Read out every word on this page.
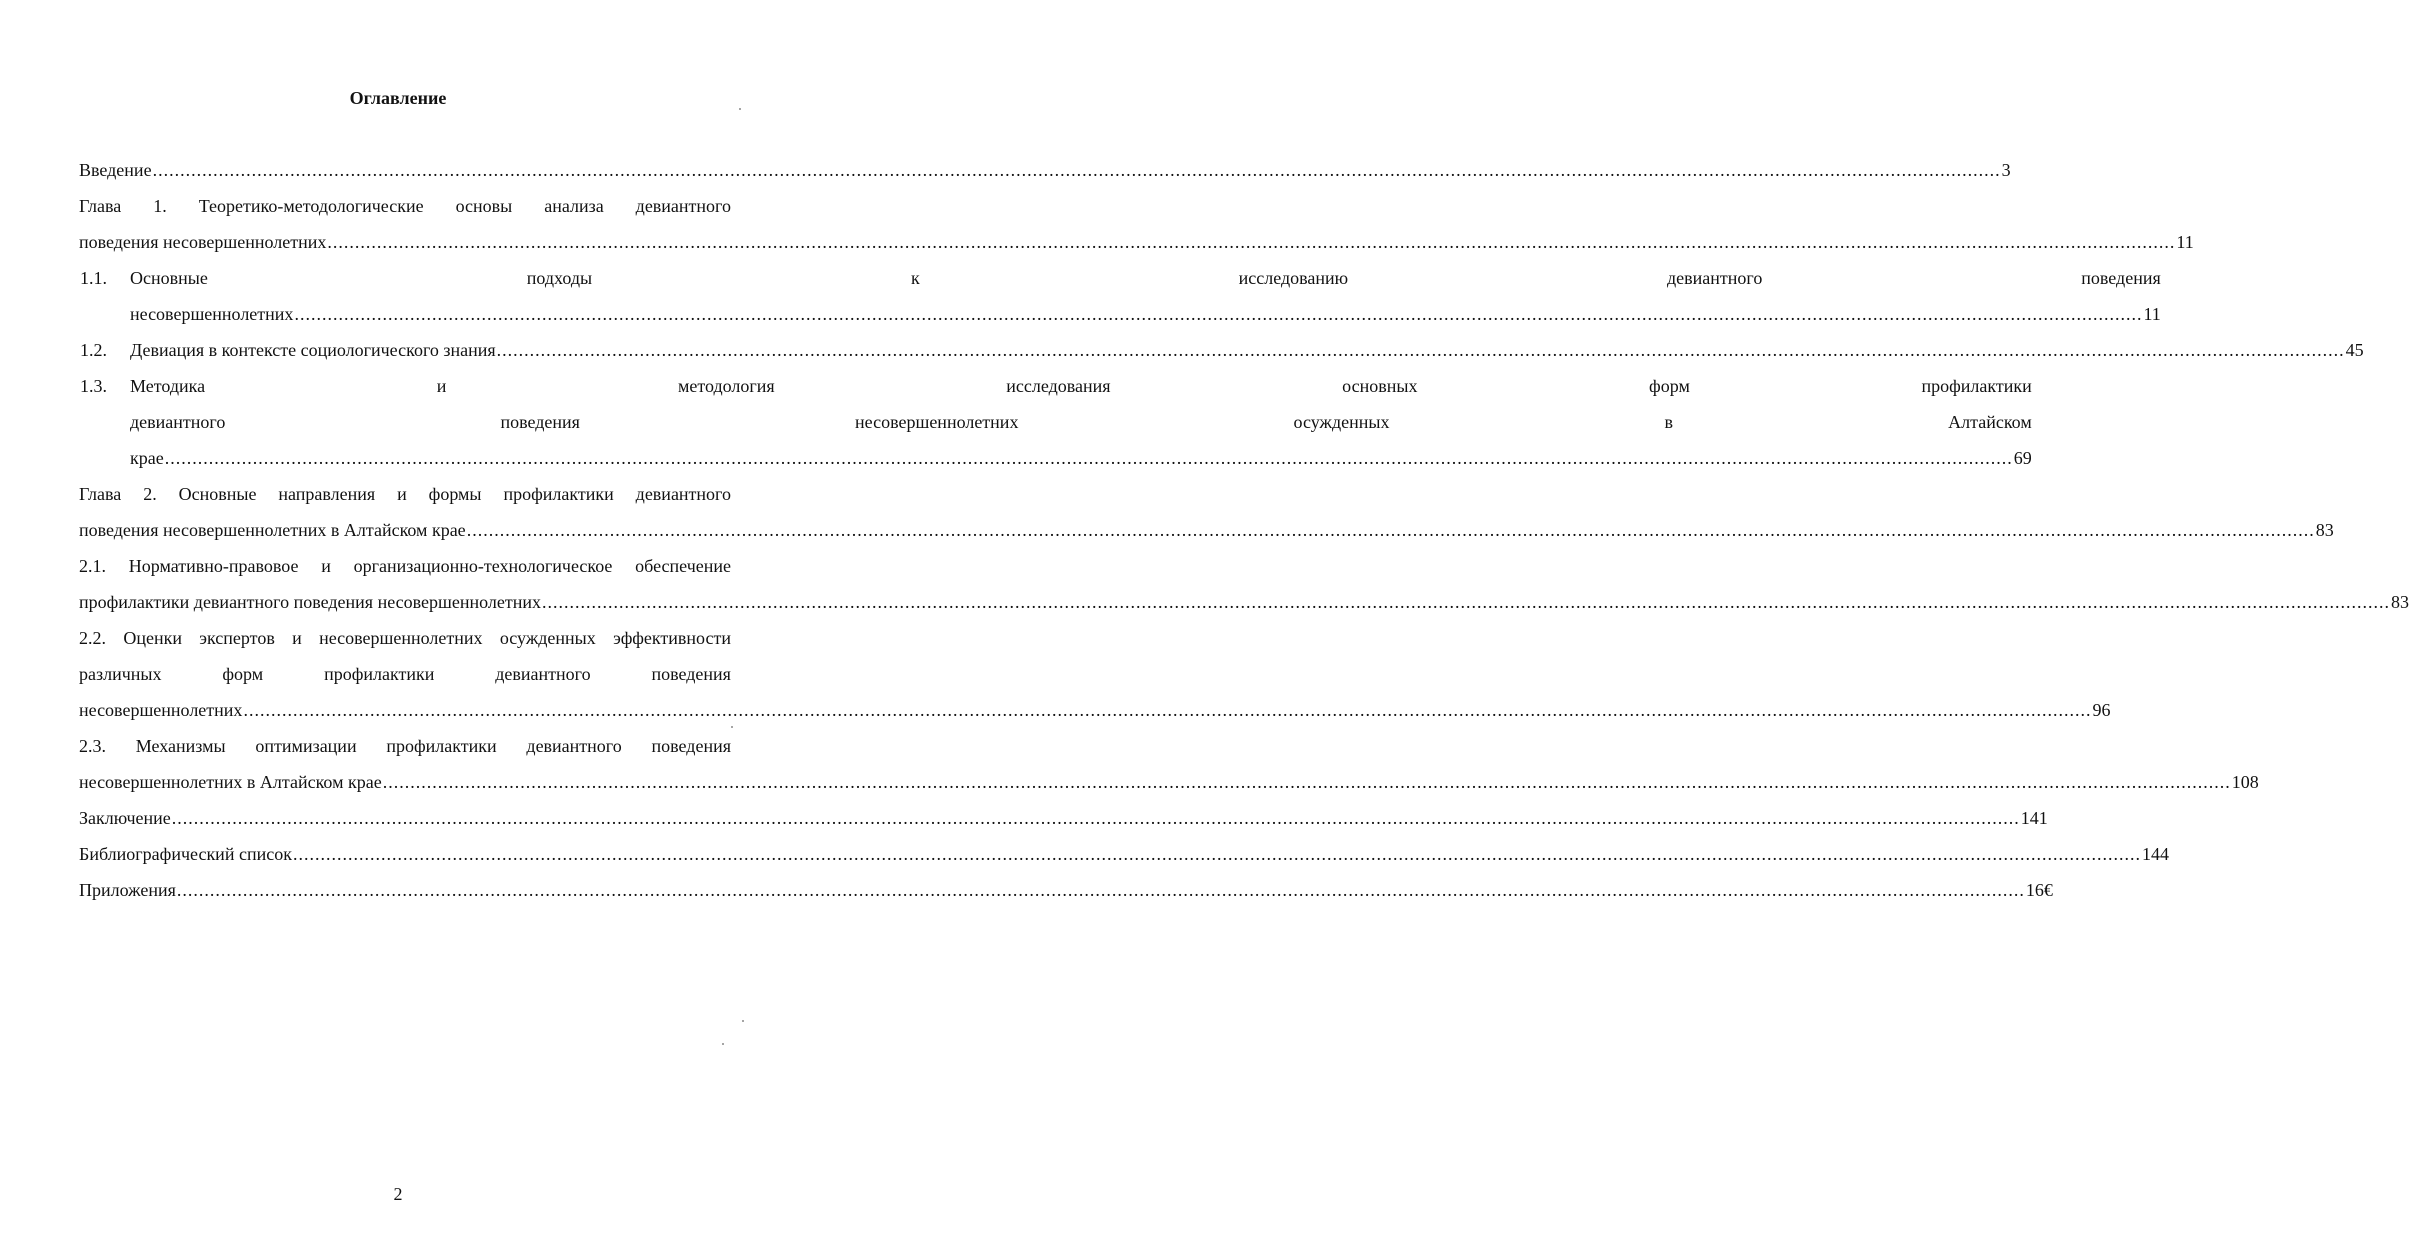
Оглавление
Введение .....	3
Глава 1. Теоретико-методологические основы анализа девиантного
поведения несовершеннолетних .....	11
1.1.	Основные	подходы	к	исследованию	девиантного	поведения
несовершеннолетних .....	11
1.2.	Девиация в контексте социологического знания .....	45
1.3.	Методика и методология исследования основных форм профилактики
девиантного поведения несовершеннолетних осужденных в Алтайском
крае .....	69
Глава 2. Основные направления и формы профилактики девиантного
поведения несовершеннолетних в Алтайском крае .....	83
2.1. Нормативно-правовое и организационно-технологическое обеспечение
профилактики девиантного поведения несовершеннолетних .....	83
2.2. Оценки экспертов и несовершеннолетних осужденных эффективности
различных	форм	профилактики	девиантного	поведения
несовершеннолетних .....	96
2.3. Механизмы оптимизации профилактики девиантного поведения
несовершеннолетних в Алтайском крае .....	108
Заключение .....	141
Библиографический список .....	144
Приложения .....	16€
2
